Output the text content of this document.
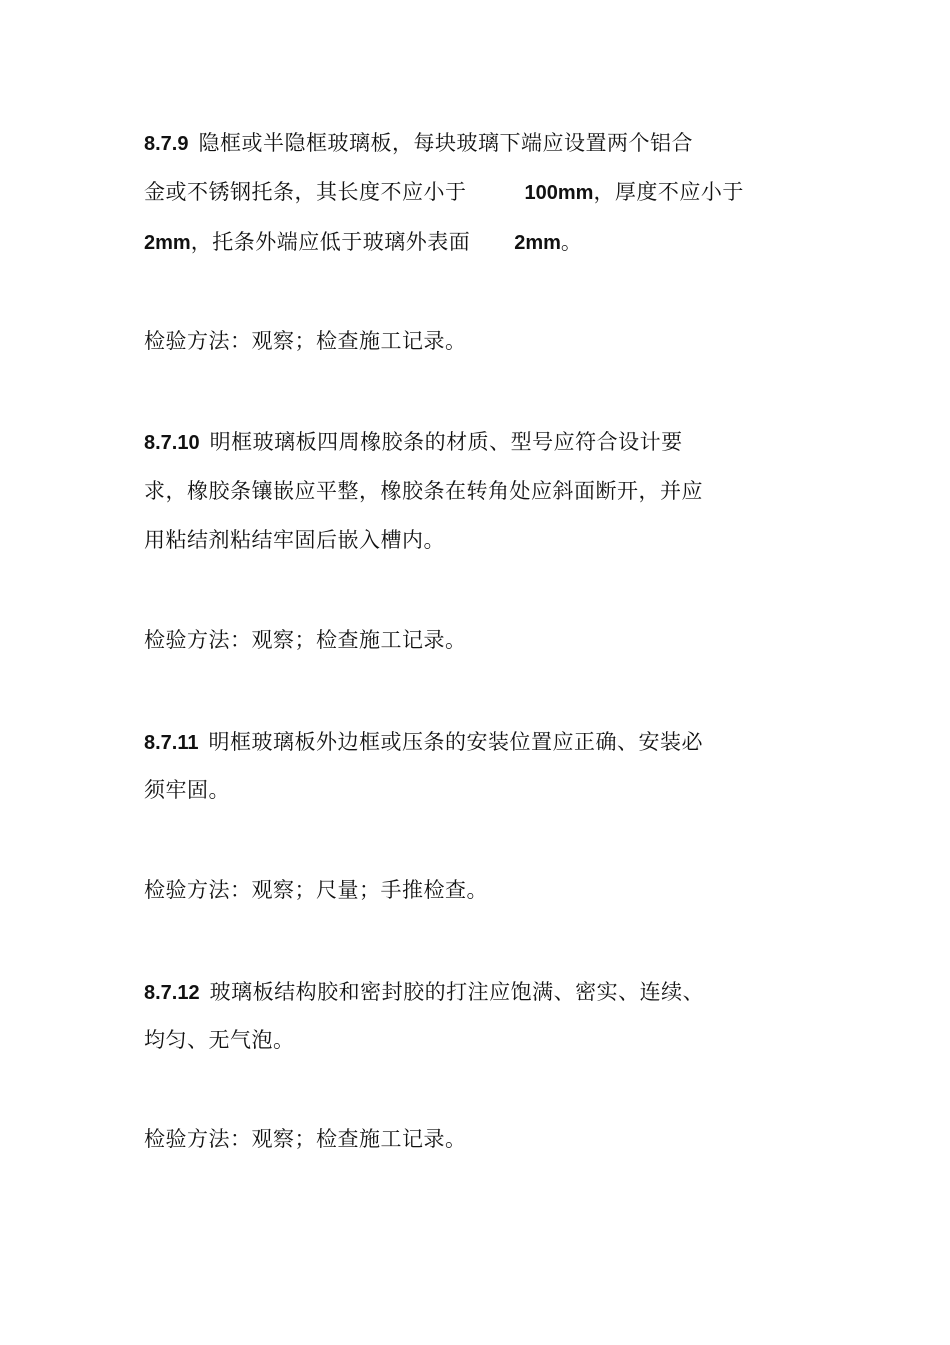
8.7.9 隐框或半隐框玻璃板，每块玻璃下端应设置两个铝合
金或不锈钢托条，其长度不应小于	100mm，厚度不应小于
2mm，托条外端应低于玻璃外表面 2mm。
检验方法：观察；检查施工记录。
8.7.10 明框玻璃板四周橡胶条的材质、型号应符合设计要
求，橡胶条镶嵌应平整，橡胶条在转角处应斜面断开，并应
用粘结剂粘结牢固后嵌入槽内。
检验方法：观察；检查施工记录。
8.7.11 明框玻璃板外边框或压条的安装位置应正确、安装必
须牢固。
检验方法：观察；尺量；手推检查。
8.7.12 玻璃板结构胶和密封胶的打注应饱满、密实、连续、
均匀、无气泡。
检验方法：观察；检查施工记录。
